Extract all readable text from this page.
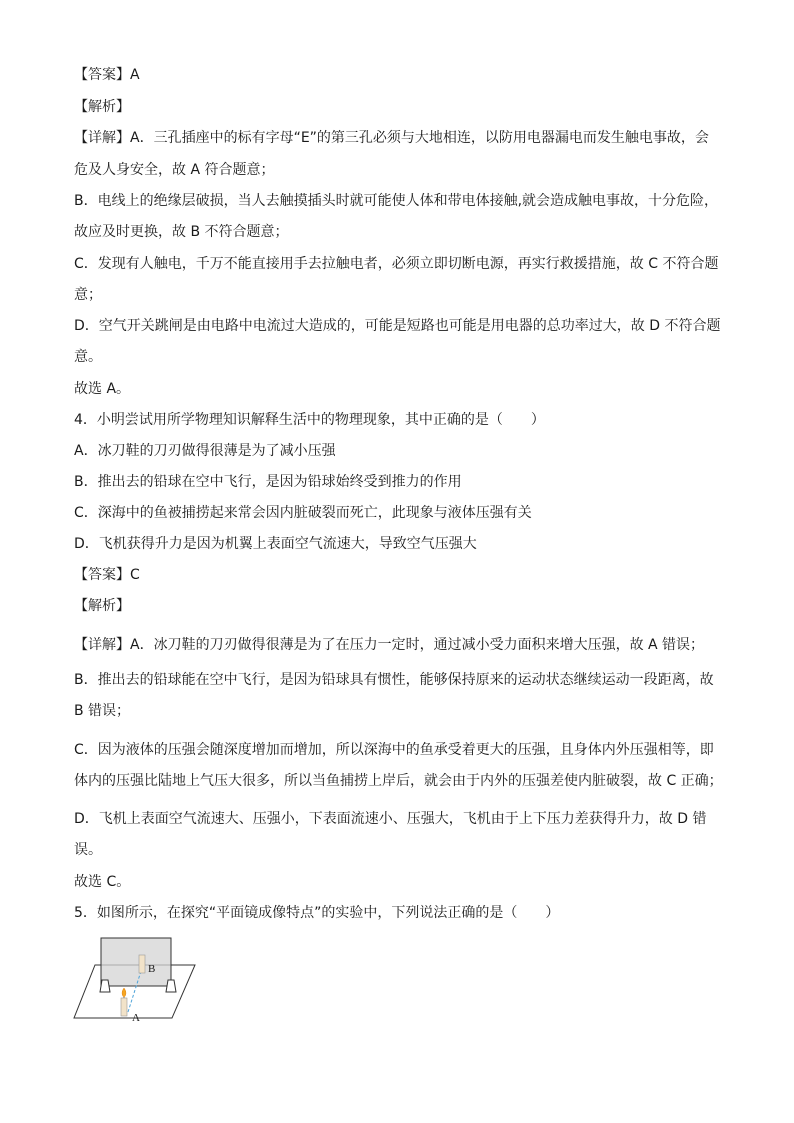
【答案】A
【解析】
【详解】A．三孔插座中的标有字母“E”的第三孔必须与大地相连，以防用电器漏电而发生触电事故，会
危及人身安全，故 A 符合题意；
B．电线上的绝缘层破损，当人去触摸插头时就可能使人体和带电体接触,就会造成触电事故，十分危险，
故应及时更换，故 B 不符合题意；
C．发现有人触电，千万不能直接用手去拉触电者，必须立即切断电源，再实行救援措施，故 C 不符合题
意；
D．空气开关跳闸是由电路中电流过大造成的，可能是短路也可能是用电器的总功率过大，故 D 不符合题
意。
故选 A。
4．小明尝试用所学物理知识解释生活中的物理现象，其中正确的是（　　）
A．冰刀鞋的刀刃做得很薄是为了减小压强
B．推出去的铅球在空中飞行，是因为铅球始终受到推力的作用
C．深海中的鱼被捕捞起来常会因内脏破裂而死亡，此现象与液体压强有关
D．飞机获得升力是因为机翼上表面空气流速大，导致空气压强大
【答案】C
【解析】
【详解】A．冰刀鞋的刀刃做得很薄是为了在压力一定时，通过减小受力面积来增大压强，故 A 错误；
B．推出去的铅球能在空中飞行，是因为铅球具有惯性，能够保持原来的运动状态继续运动一段距离，故
B 错误；
C．因为液体的压强会随深度增加而增加，所以深海中的鱼承受着更大的压强，且身体内外压强相等，即
体内的压强比陆地上气压大很多，所以当鱼捕捞上岸后，就会由于内外的压强差使内脏破裂，故 C 正确；
D．飞机上表面空气流速大、压强小，下表面流速小、压强大，飞机由于上下压力差获得升力，故 D 错
误。
故选 C。
5．如图所示，在探究“平面镜成像特点”的实验中，下列说法正确的是（　　）
B
A
